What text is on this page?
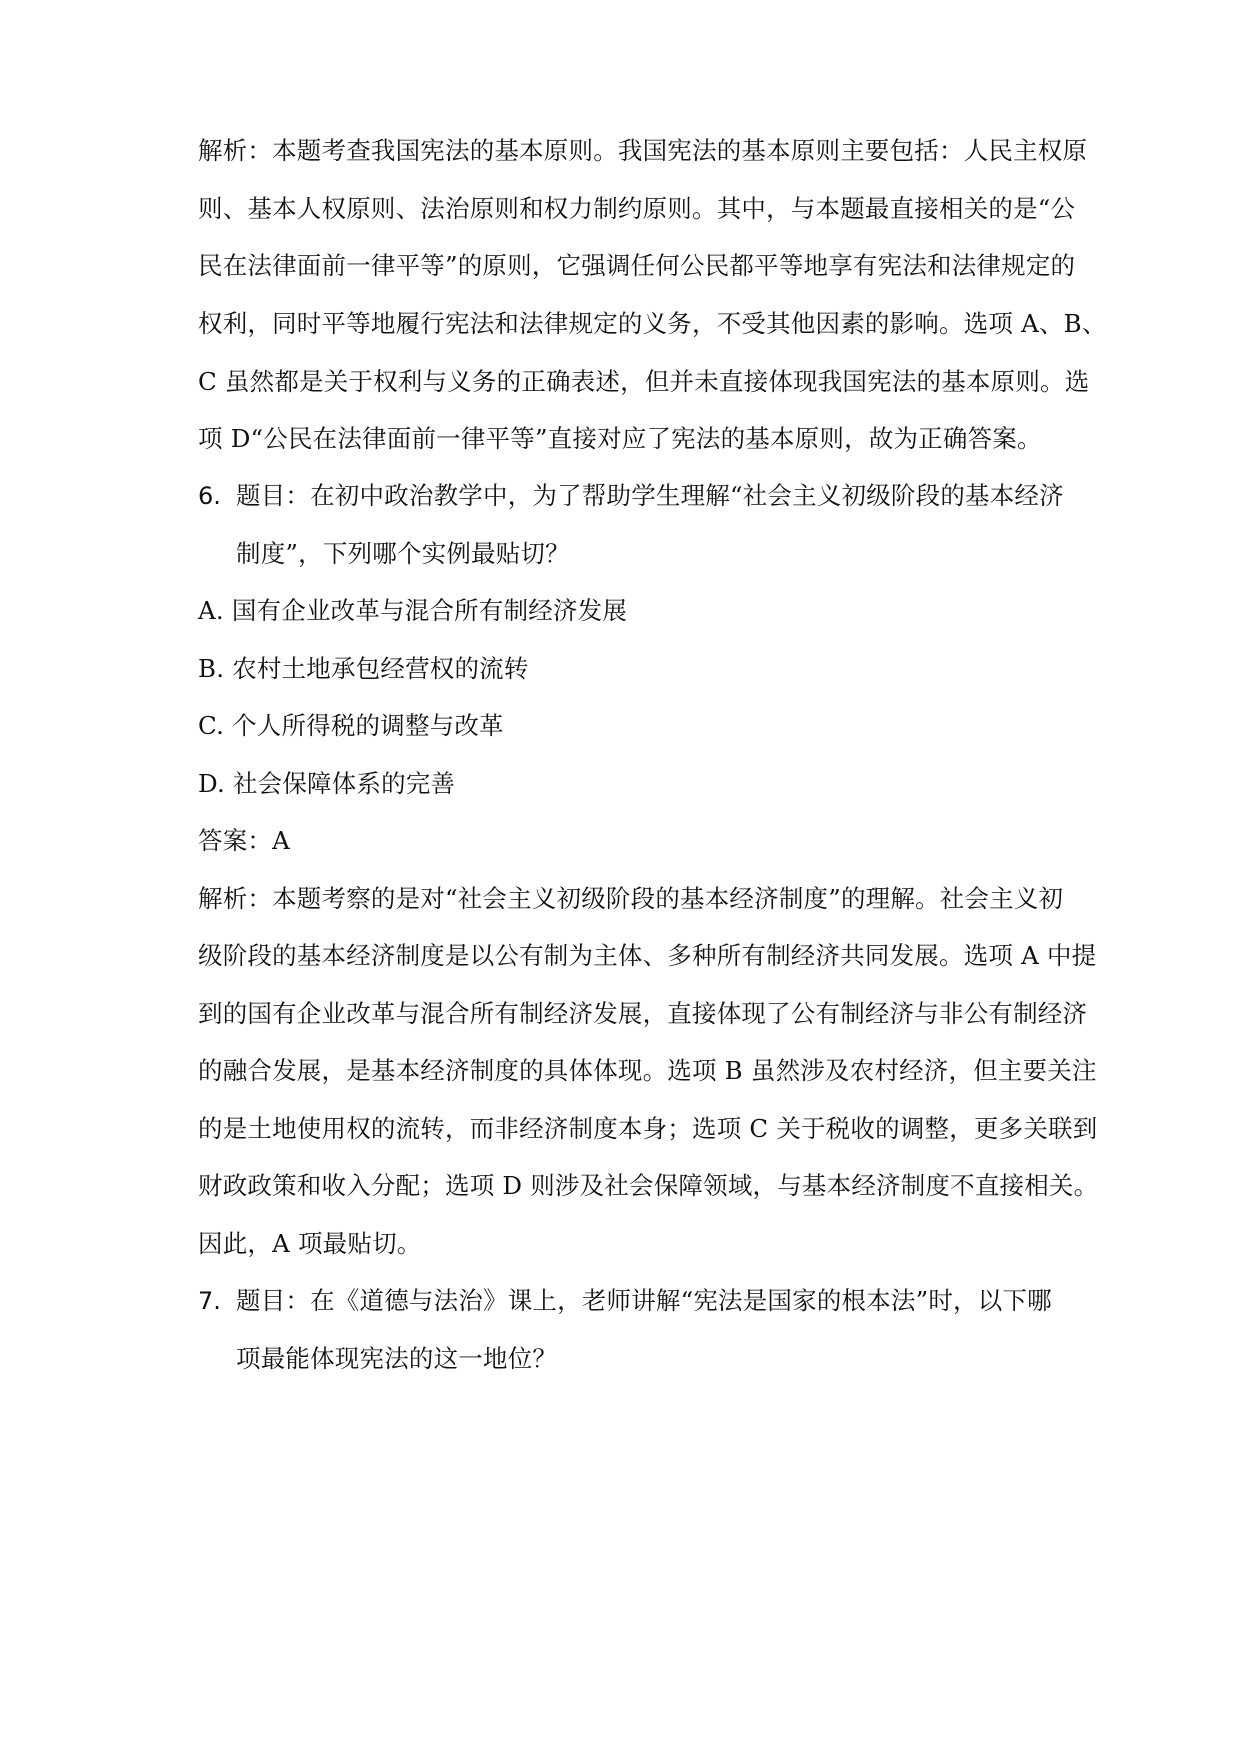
解析：本题考查我国宪法的基本原则。我国宪法的基本原则主要包括：人民主权原
则、基本人权原则、法治原则和权力制约原则。其中，与本题最直接相关的是“公
民在法律面前一律平等”的原则，它强调任何公民都平等地享有宪法和法律规定的
权利，同时平等地履行宪法和法律规定的义务，不受其他因素的影响。选项 A、B、
C 虽然都是关于权利与义务的正确表述，但并未直接体现我国宪法的基本原则。选
项 D“公民在法律面前一律平等”直接对应了宪法的基本原则，故为正确答案。
6. 题目：在初中政治教学中，为了帮助学生理解“社会主义初级阶段的基本经济
制度”，下列哪个实例最贴切？
A. 国有企业改革与混合所有制经济发展
B. 农村土地承包经营权的流转
C. 个人所得税的调整与改革
D. 社会保障体系的完善
答案：A
解析：本题考察的是对“社会主义初级阶段的基本经济制度”的理解。社会主义初
级阶段的基本经济制度是以公有制为主体、多种所有制经济共同发展。选项 A 中提
到的国有企业改革与混合所有制经济发展，直接体现了公有制经济与非公有制经济
的融合发展，是基本经济制度的具体体现。选项 B 虽然涉及农村经济，但主要关注
的是土地使用权的流转，而非经济制度本身；选项 C 关于税收的调整，更多关联到
财政政策和收入分配；选项 D 则涉及社会保障领域，与基本经济制度不直接相关。
因此，A 项最贴切。
7. 题目：在《道德与法治》课上，老师讲解“宪法是国家的根本法”时，以下哪
项最能体现宪法的这一地位？
